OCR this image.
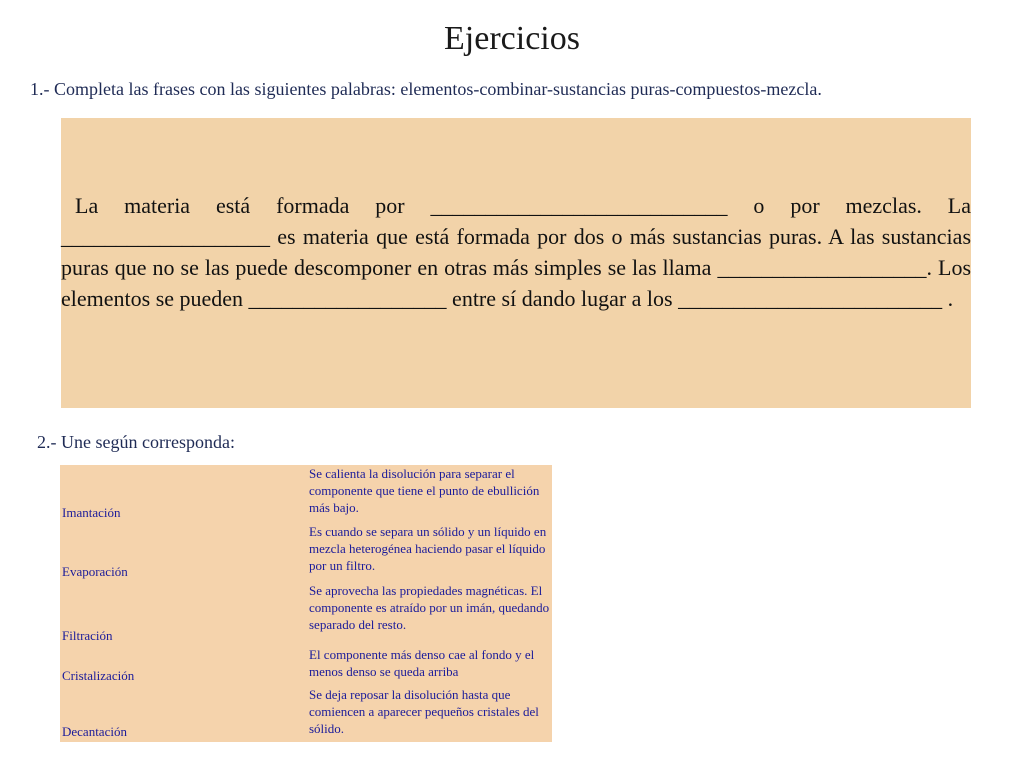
Ejercicios
1.- Completa las frases con las siguientes palabras: elementos-combinar-sustancias puras-compuestos-mezcla.

La materia está formada por ___________________________ o por mezclas. La ___________________ es materia que está formada por dos o más sustancias puras. A las sustancias puras que no se las puede descomponer en otras más simples se las llama ___________________. Los elementos se pueden __________________ entre sí dando lugar a los ________________________ .

2.- Une según corresponda:
Imantación	Se calienta la disolución para separar el componente que tiene el punto de ebullición más bajo.
Evaporación	Es cuando se separa un sólido y un líquido en mezcla heterogénea haciendo pasar el líquido por un filtro.
Filtración	Se aprovecha las propiedades magnéticas. El componente es atraído por un imán, quedando separado del resto.
Cristalización	El componente más denso cae al fondo y el menos denso se queda arriba
Decantación	Se deja reposar la disolución hasta que comiencen a aparecer pequeños cristales del sólido.
